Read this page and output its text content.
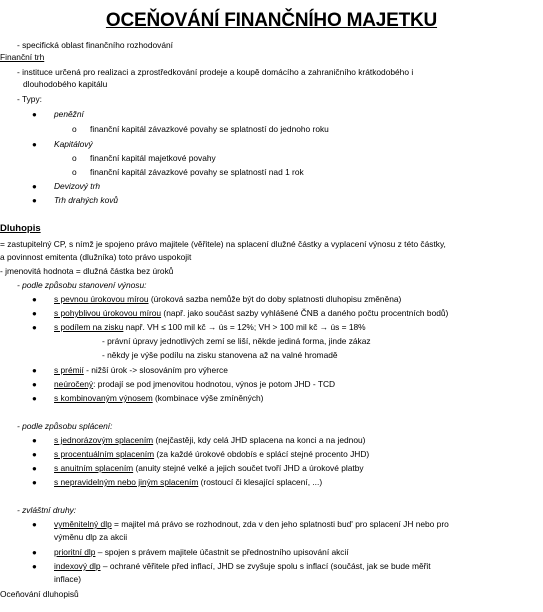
OCEŇOVÁNÍ FINANČNÍHO MAJETKU
- specifická oblast finančního rozhodování
Finanční trh
- instituce určená pro realizaci a zprostředkování prodeje a koupě domácího a zahraničního krátkodobého i
dlouhodobého kapitálu
- Typy:
● peněžní
o finanční kapitál závazkové povahy se splatností do jednoho roku
● Kapitálový
o finanční kapitál majetkové povahy
o finanční kapitál závazkové povahy se splatností nad 1 rok
● Devizový trh
● Trh drahých kovů
Dluhopis
= zastupitelný CP, s nímž je spojeno právo majitele (věřitele) na splacení dlužné částky a vyplacení výnosu z této částky,
a povinnost emitenta (dlužníka) toto právo uspokojit
- jmenovitá hodnota = dlužná částka bez úroků
- podle způsobu stanovení výnosu:
● s pevnou úrokovou mírou (úroková sazba nemůže být do doby splatnosti dluhopisu změněna)
● s pohyblivou úrokovou mírou (např. jako součást sazby vyhlášené ČNB a daného počtu procentních bodů)
● s podílem na zisku např. VH ≤ 100 mil kč → ús = 12%; VH > 100 mil kč → ús = 18%
- právní úpravy jednotlivých zemí se liší, někde jediná forma, jinde zákaz
- někdy je výše podílu na zisku stanovena až na valné hromadě
● s prémií - nižší úrok -> slosováním pro výherce
● neúročený: prodají se pod jmenovitou hodnotou, výnos je potom JHD - TCD
● s kombinovaným výnosem (kombinace výše zmíněných)
- podle způsobu splácení:
● s jednorázovým splacením (nejčastěji, kdy celá JHD splacena na konci a na jednou)
● s procentuálním splacením (za každé úrokové obdobís e splácí stejné procento JHD)
● s anuitním splacením (anuity stejné velké a jejich součet tvoří JHD a úrokové platby
● s nepravidelným nebo jiným splacením (rostoucí či klesající splacení, ...)
- zvláštní druhy:
● vyměnitelný dlp = majitel má právo se rozhodnout, zda v den jeho splatnosti bud' pro splacení JH nebo pro
výměnu dlp za akcii
● prioritní dlp – spojen s právem majitele účastnit se přednostního upisování akcií
● indexový dlp – ochrané věřitele před inflací, JHD se zvyšuje spolu s inflací (součást, jak se bude měřit
inflace)
Oceňování dluhopisů
